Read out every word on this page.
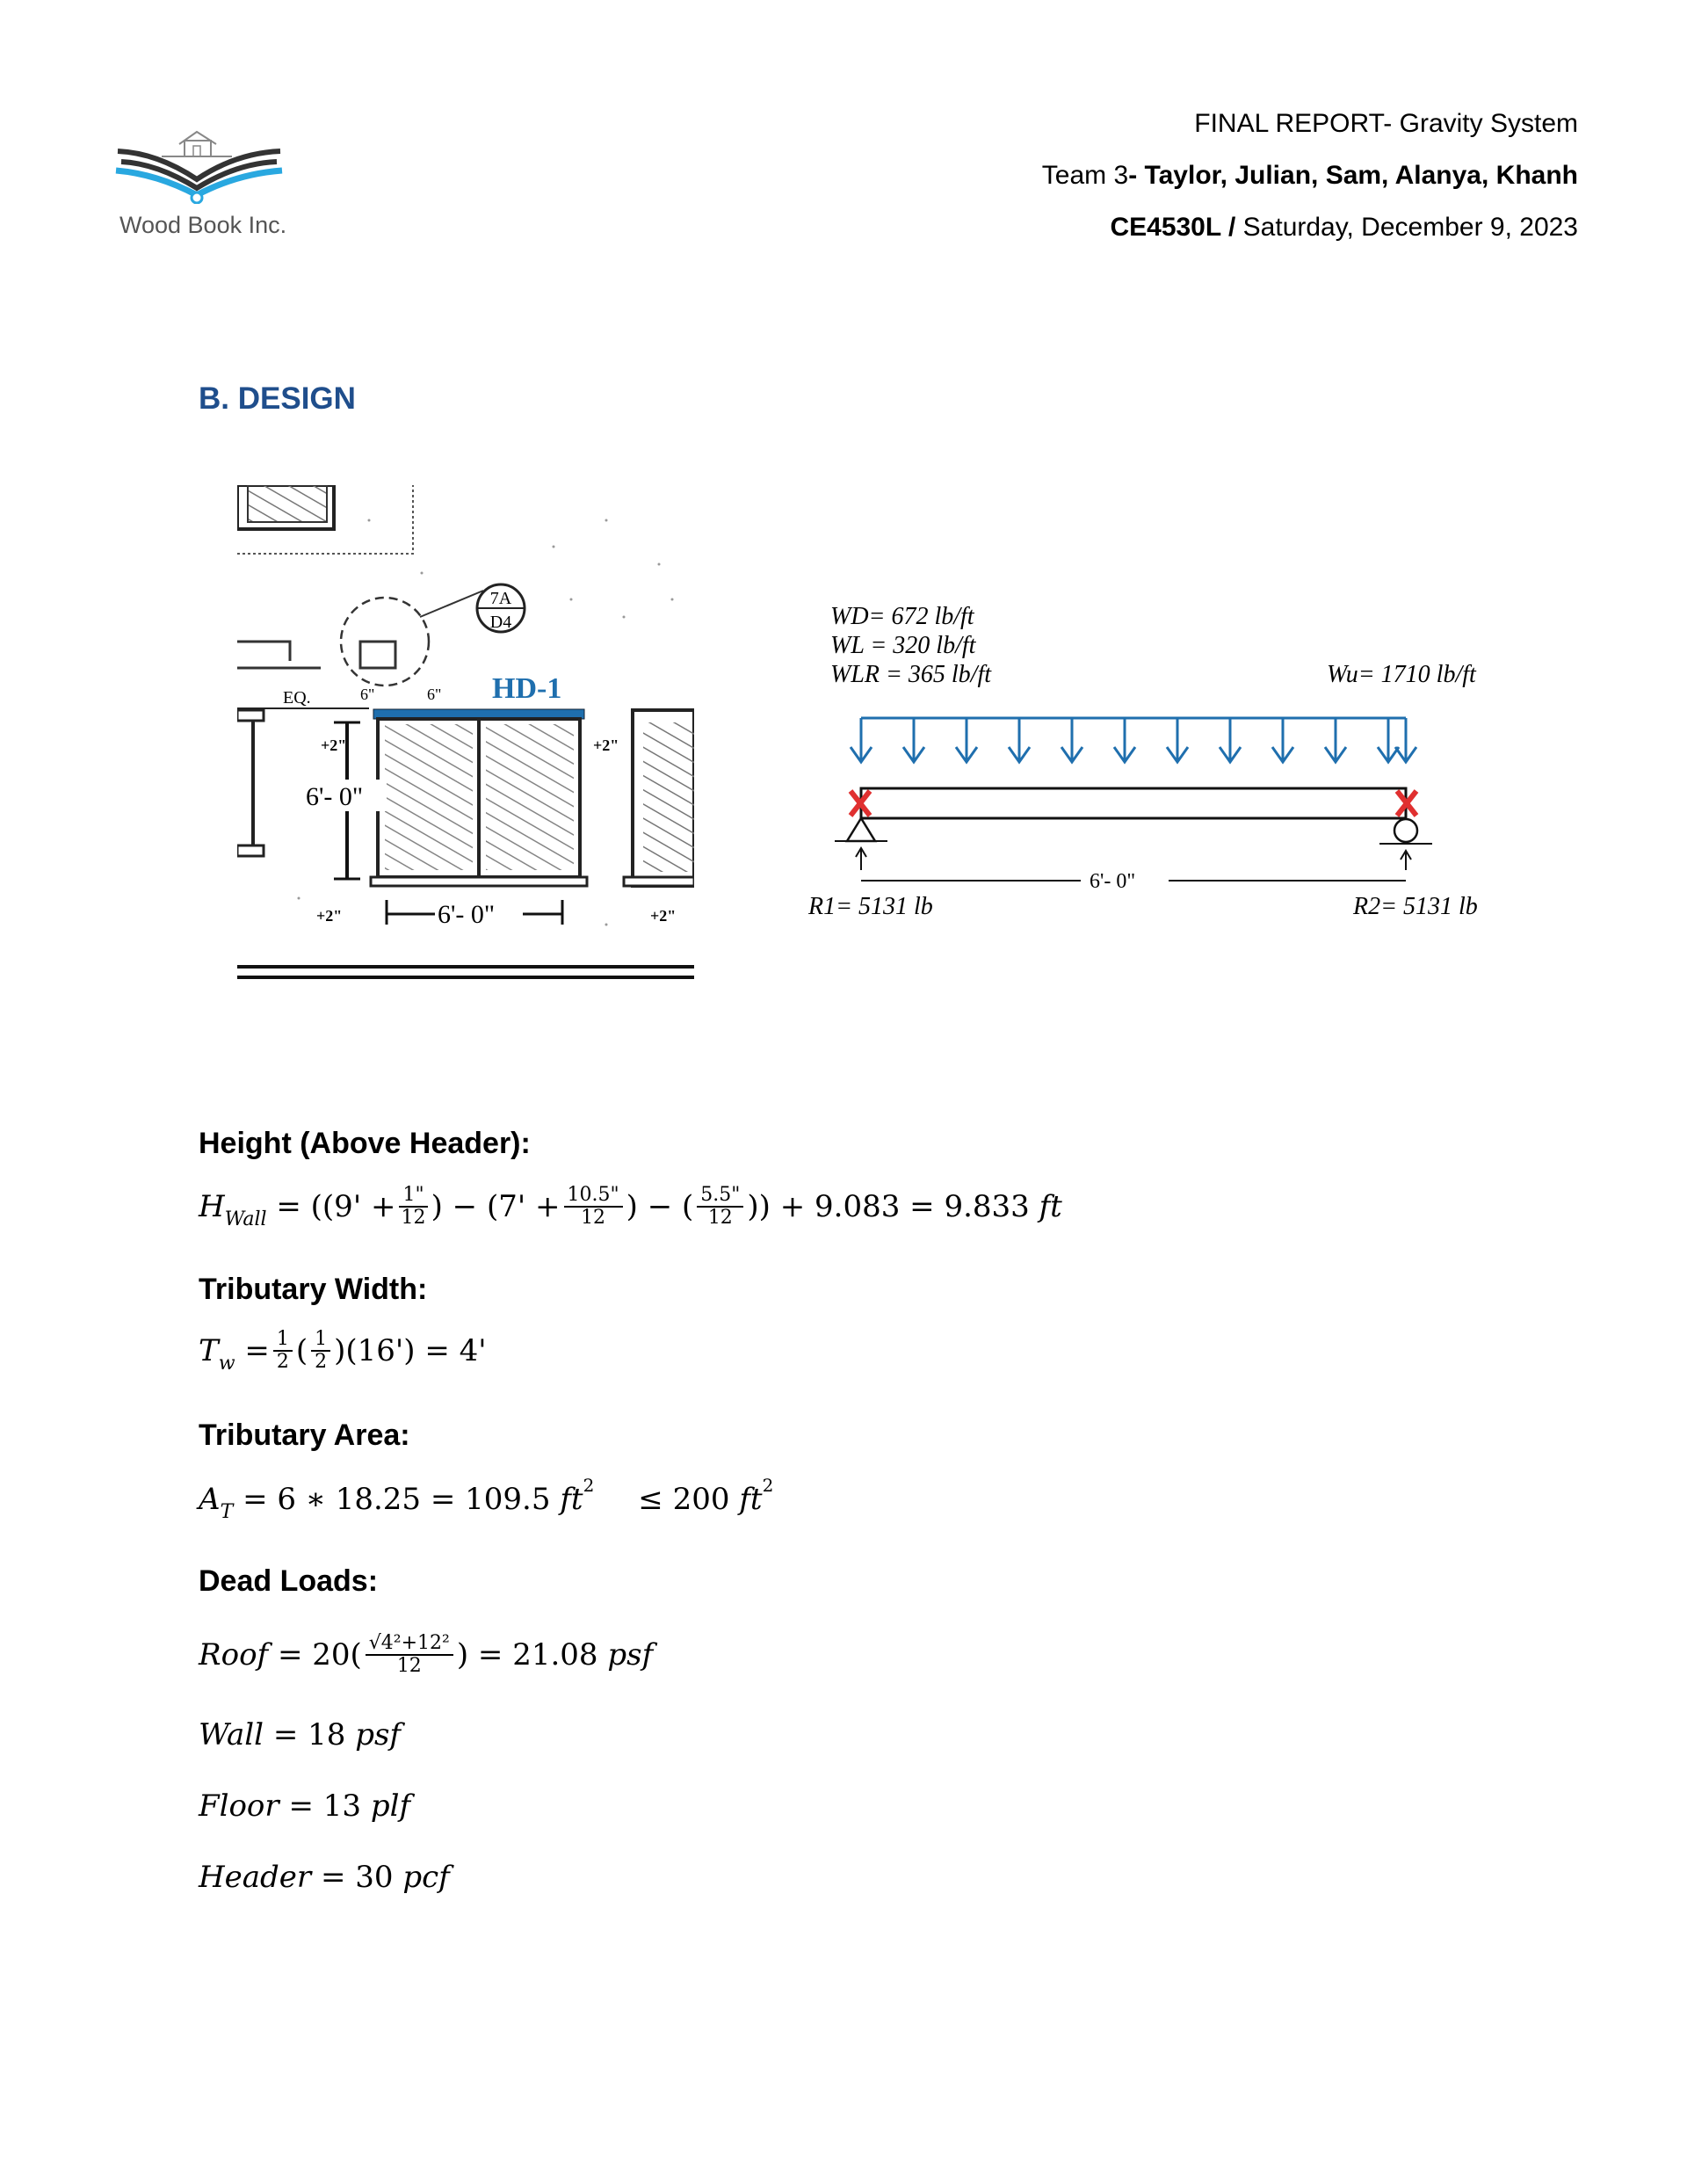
Wood Book Inc.
FINAL REPORT- Gravity System
Team 3- Taylor, Julian, Sam, Alanya, Khanh
CE4530L / Saturday, December 9, 2023
B. DESIGN
7A
D4
HD-1
EQ.	6"	6"
6'- 0"
+2"	+2"
6'- 0"
+2"	+2"
WD= 672 lb/ft
WL = 320 lb/ft
WLR = 365 lb/ft	Wu= 1710 lb/ft
6'- 0"
R1= 5131 lb	R2= 5131 lb
Height (Above Header):
H Wall
= (($9' + \frac{1"}{12}$ ) − ($7' + \frac{10.5"}{12}$ ) − ( $\frac{5.5"}{12}$ )) + 9.083 = 9.833
ft
Tributary Width:
T w
= $\frac{1}{2}$ ( $\frac{1}{2} )(16') = 4'$
Tributary Area:
A T
= 6 ∗ 18.25 = 109.5
ft 2 ≤ 200
ft 2
Dead Loads:
Roof
= $20( \frac{\text{√4²+12²}}{12}$ ) = 21.08
psf
Wall
= 18
psf
Floor
= 13
plf
Header
= 30
pcf
